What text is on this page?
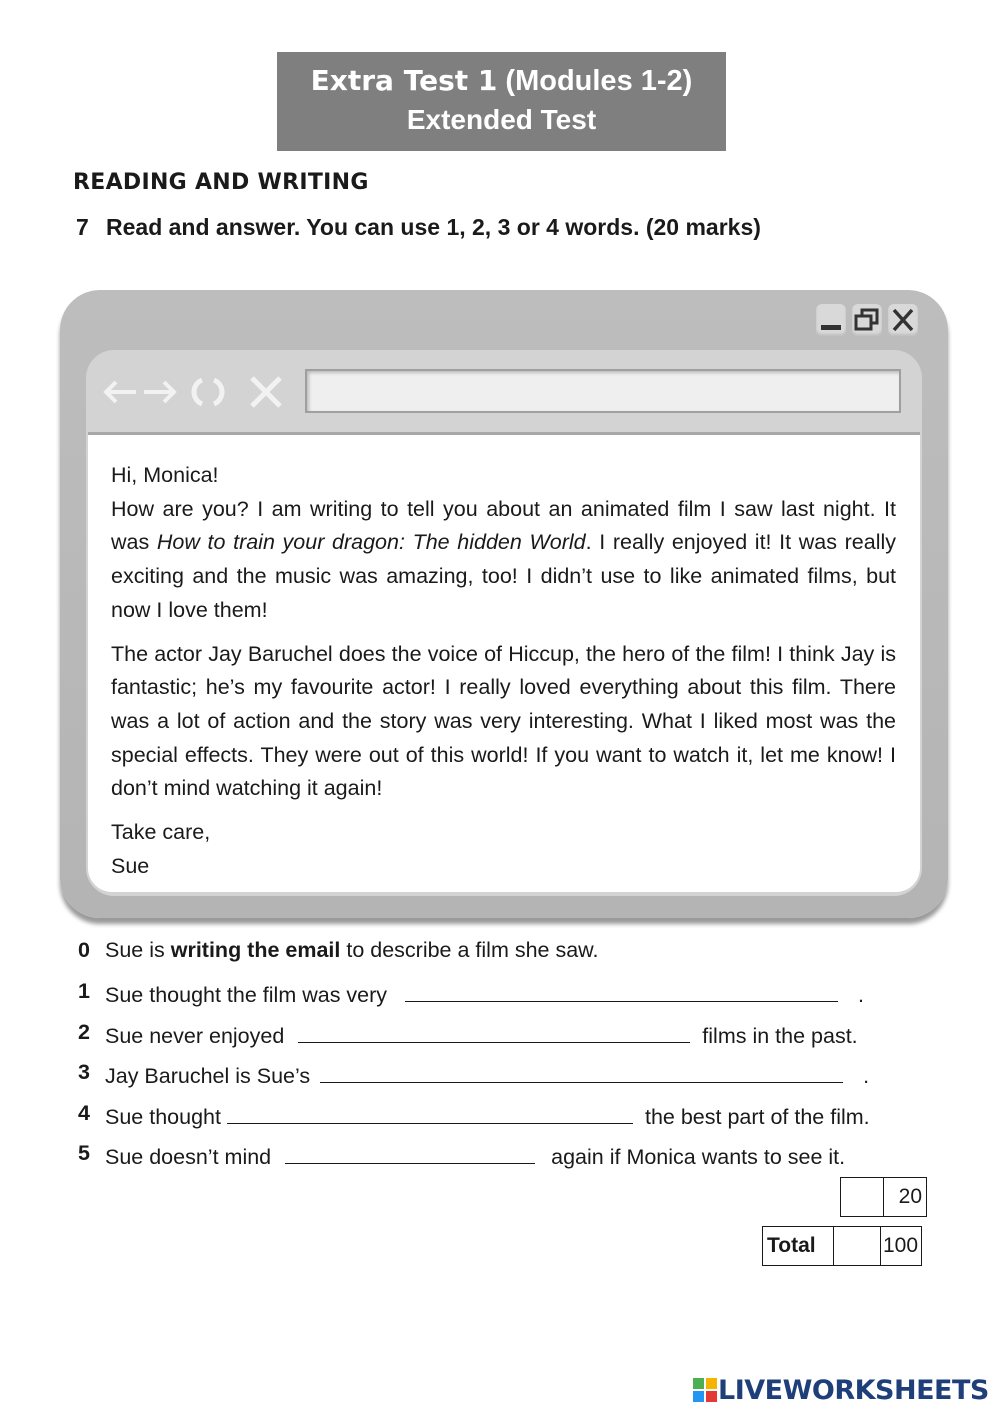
Extra Test 1 (Modules 1-2)
Extended Test
READING AND WRITING
7 Read and answer. You can use 1, 2, 3 or 4 words. (20 marks)

Hi, Monica!

How are you? I am writing to tell you about an animated film I saw last night. It was How to train your dragon: The hidden World. I really enjoyed it! It was really exciting and the music was amazing, too! I didn’t use to like animated films, but now I love them!

The actor Jay Baruchel does the voice of Hiccup, the hero of the film! I think Jay is fantastic; he’s my favourite actor! I really loved everything about this film. There was a lot of action and the story was very interesting. What I liked most was the special effects. They were out of this world! If you want to watch it, let me know! I don’t mind watching it again!

Take care,

Sue

0 Sue is writing the email to describe a film she saw.
1 Sue thought the film was very	.
2 Sue never enjoyed	films in the past.
3 Jay Baruchel is Sue’s	.
4 Sue thought	the best part of the film.
5 Sue doesn’t mind	again if Monica wants to see it.
	20
Total		100
LIVEWORKSHEETS
